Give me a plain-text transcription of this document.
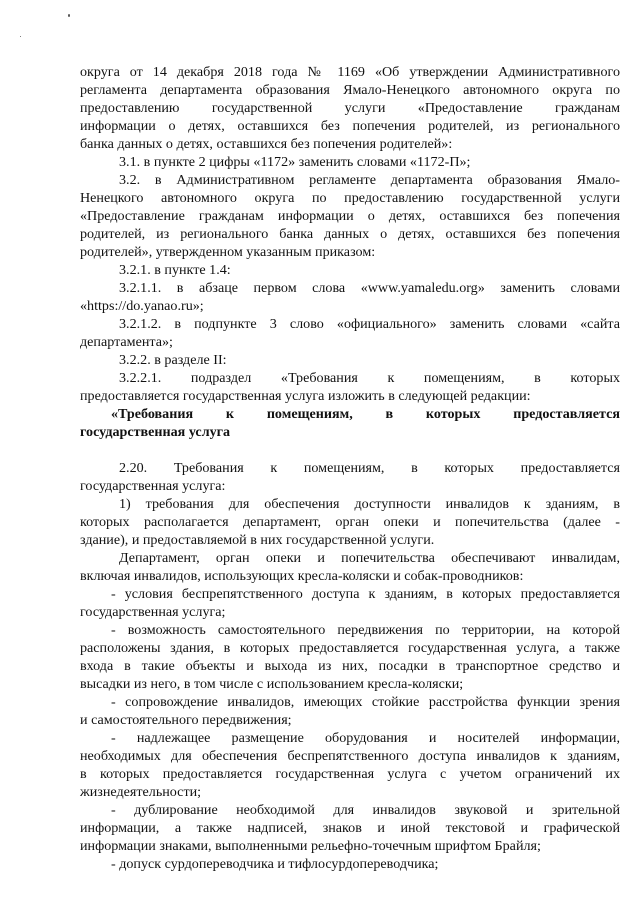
округа от 14 декабря 2018 года № 1169 «Об утверждении Административного
регламента департамента образования Ямало-Ненецкого автономного округа по
предоставлению государственной услуги «Предоставление гражданам
информации о детях, оставшихся без попечения родителей, из регионального
банка данных о детях, оставшихся без попечения родителей»:
3.1. в пункте 2 цифры «1172» заменить словами «1172-П»;
3.2. в Административном регламенте департамента образования Ямало-
Ненецкого автономного округа по предоставлению государственной услуги
«Предоставление гражданам информации о детях, оставшихся без попечения
родителей, из регионального банка данных о детях, оставшихся без попечения
родителей», утвержденном указанным приказом:
3.2.1. в пункте 1.4:
3.2.1.1. в абзаце первом слова «www.yamaledu.org» заменить словами
«https://do.yanao.ru»;
3.2.1.2. в подпункте 3 слово «официального» заменить словами «сайта
департамента»;
3.2.2. в разделе II:
3.2.2.1. подраздел «Требования к помещениям, в которых
предоставляется государственная услуга изложить в следующей редакции:
«Требования к помещениям, в которых предоставляется
государственная услуга
2.20. Требования к помещениям, в которых предоставляется
государственная услуга:
1) требования для обеспечения доступности инвалидов к зданиям, в
которых располагается департамент, орган опеки и попечительства (далее -
здание), и предоставляемой в них государственной услуги.
Департамент, орган опеки и попечительства обеспечивают инвалидам,
включая инвалидов, использующих кресла-коляски и собак-проводников:
- условия беспрепятственного доступа к зданиям, в которых предоставляется
государственная услуга;
- возможность самостоятельного передвижения по территории, на которой
расположены здания, в которых предоставляется государственная услуга, а также
входа в такие объекты и выхода из них, посадки в транспортное средство и
высадки из него, в том числе с использованием кресла-коляски;
- сопровождение инвалидов, имеющих стойкие расстройства функции зрения
и самостоятельного передвижения;
- надлежащее размещение оборудования и носителей информации,
необходимых для обеспечения беспрепятственного доступа инвалидов к зданиям,
в которых предоставляется государственная услуга с учетом ограничений их
жизнедеятельности;
- дублирование необходимой для инвалидов звуковой и зрительной
информации, а также надписей, знаков и иной текстовой и графической
информации знаками, выполненными рельефно-точечным шрифтом Брайля;
- допуск сурдопереводчика и тифлосурдопереводчика;
